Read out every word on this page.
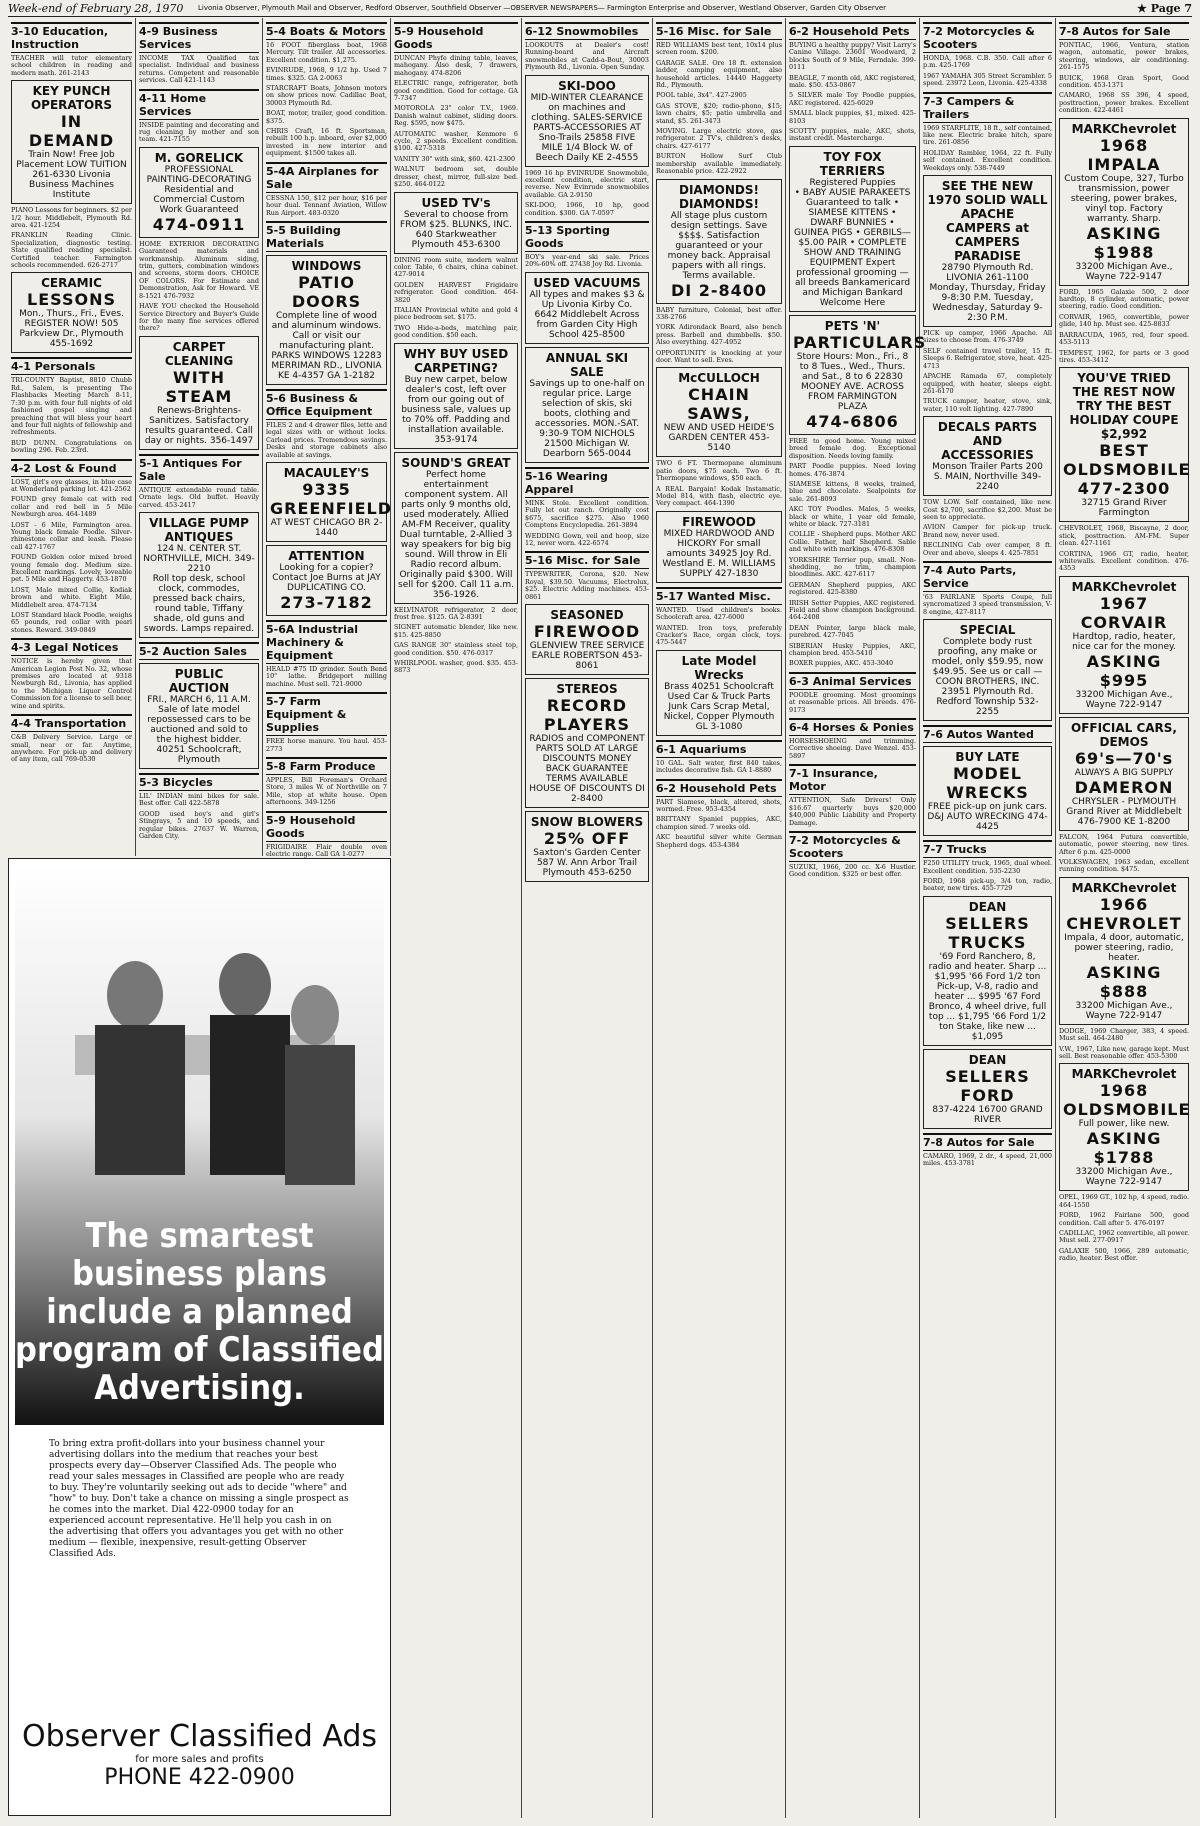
Week-end of February 28, 1970	Livonia Observer, Plymouth Mail and Observer, Redford Observer, Southfield Observer —OBSERVER NEWSPAPERS— Farmington Enterprise and Observer, Westland Observer, Garden City Observer	★ Page 7
3-10 Education, Instruction

TEACHER will tutor elementary school children in reading and modern math. 261-2143

KEY PUNCH OPERATORS
IN DEMAND
Train Now! Free Job Placement LOW TUITION 261-6330 Livonia Business Machines Institute

PIANO Lessons for beginners. $2 per 1/2 hour. Middlebelt, Plymouth Rd. area. 421-1254

FRANKLIN Reading Clinic. Specialization, diagnostic testing. State qualified reading specialist. Certified teacher. Farmington schools recommended. 626-2717

CERAMIC
LESSONS
Mon., Thurs., Fri., Eves. REGISTER NOW! 505 Parkview Dr., Plymouth 455-1692
4-1 Personals

TRI-COUNTY Baptist, 8810 Chubb Rd., Salem, is presenting The Flashbacks Meeting March 8-11, 7:30 p.m. with four full nights of old fashioned gospel singing and preaching that will bless your heart and four full nights of fellowship and refreshments.

BUD DUNN. Congratulations on bowling 296. Feb. 23rd.

4-2 Lost & Found

LOST, girl's eye glasses, in blue case at Wonderland parking lot. 421-2562

FOUND grey female cat with red collar and red bell in 5 Mile Newburgh area. 464-1489

LOST - 6 Mile, Farmington area. Young black female Poodle. Silver-rhinestone collar and leash. Please call 427-1767

FOUND Golden color mixed breed young female dog. Medium size. Excellent markings. Lovely, loveable pet. 5 Mile and Haggerty. 453-1870

LOST, Male mixed Collie, Kodiak brown and white. Eight Mile, Middlebelt area. 474-7134

LOST Standard black Poodle, weighs 65 pounds, red collar with pearl stones. Reward. 349-0849

4-3 Legal Notices

NOTICE is hereby given that American Legion Post No. 32, whose premises are located at 9318 Newburgh Rd., Livonia, has applied to the Michigan Liquor Control Commission for a license to sell beer, wine and spirits.

4-4 Transportation

C&B Delivery Service. Large or small, near or far. Anytime, anywhere. For pick-up and delivery of any item, call 769-0530

4-9 Business Services

INCOME TAX Qualified tax specialist. Individual and business returns. Competent and reasonable services. Call 421-1143

4-11 Home Services

INSIDE painting and decorating and rug cleaning by mother and son team. 421-7155

M. GORELICK
PROFESSIONAL PAINTING-DECORATING Residential and Commercial Custom Work Guaranteed
474-0911

HOME EXTERIOR DECORATING Guaranteed materials and workmanship. Aluminum siding, trim, gutters, combination windows and screens, storm doors. CHOICE OF COLORS. For Estimate and Demonstration, Ask for Howard. VE 8-1521 476-7932

HAVE YOU checked the Household Service Directory and Buyer's Guide for the many fine services offered there?

CARPET CLEANING
WITH STEAM
Renews-Brightens-Sanitizes. Satisfactory results guaranteed. Call day or nights. 356-1497
5-1 Antiques For Sale

ANTIQUE extendable round table. Ornate legs. Old buffet. Heavily carved. 453-2417

VILLAGE PUMP ANTIQUES
124 N. CENTER ST. NORTHVILLE, MICH. 349-2210
Roll top desk, school clock, commodes, pressed back chairs, round table, Tiffany shade, old guns and swords. Lamps repaired.
5-2 Auction Sales
PUBLIC AUCTION
FRI., MARCH 6, 11 A.M.
Sale of late model repossessed cars to be auctioned and sold to the highest bidder. 40251 Schoolcraft, Plymouth
5-3 Bicycles

LIL' INDIAN mini bikes for sale. Best offer. Call 422-5878

GOOD used boy's and girl's Stingrays, 5 and 10 speeds, and regular bikes. 27637 W. Warren, Garden City.

5-4 Boats & Motors

16 FOOT fiberglass boat, 1968 Mercury. Tilt trailer. All accessories. Excellent condition. $1,275.

EVINRUDE, 1968, 9 1/2 hp. Used 7 times. $325. GA 2-0063

STARCRAFT Boats, Johnson motors on show prices now. Cadillac Boat, 30003 Plymouth Rd.

BOAT, motor, trailer, good condition. $375.

CHRIS Craft, 16 ft. Sportsman, rebuilt 100 h.p. inboard, over $2,000 invested in new interior and equipment. $1500 takes all.

5-4A Airplanes for Sale

CESSNA 150, $12 per hour, $16 per hour dual. Tennant Aviation, Willow Run Airport. 483-0320

5-5 Building Materials
WINDOWS
PATIO DOORS
Complete line of wood and aluminum windows. Call or visit our manufacturing plant. PARKS WINDOWS 12283 MERRIMAN RD., LIVONIA KE 4-4357 GA 1-2182
5-6 Business & Office Equipment

FILES 2 and 4 drawer files, lette and legal sizes with or without locks. Carload prices. Tremendous savings. Desks and storage cabinets also available at savings.

MACAULEY'S
9335 GREENFIELD
AT WEST CHICAGO BR 2-1440
ATTENTION
Looking for a copier? Contact Joe Burns at JAY DUPLICATING CO.
273-7182
5-6A Industrial Machinery & Equipment

HEALD #75 ID grinder. South Bend 10" lathe. Bridgeport milling machine. Must sell. 721-9000

5-7 Farm Equipment & Supplies

FREE horse manure. You haul. 453-2773

5-8 Farm Produce

APPLES, Bill Foreman's Orchard Store, 3 miles W. of Northville on 7 Mile, stop at white house. Open afternoons. 349-1256

5-9 Household Goods

FRIGIDAIRE Flair double oven electric range. Call GA 1-0277

5-9 Household Goods

DUNCAN Phyfe dining table, leaves, mahogany. Also desk, 7 drawers, mahogany. 474-8206

ELECTRIC range, refrigerator, both good condition. Good for cottage. GA 7-7347

MOTOROLA 23" color T.V., 1969. Danish walnut cabinet, sliding doors. Reg. $595, now $475.

AUTOMATIC washer, Kenmore 6 cycle, 2 speeds. Excellent condition. $100. 427-5318

VANITY 30" with sink, $60. 421-2300

WALNUT bedroom set, double dresser, chest, mirror, full-size bed. $250. 464-0122

USED TV's
Several to choose from FROM $25. BLUNKS, INC. 640 Starkweather Plymouth 453-6300

DINING room suite, modern walnut color. Table, 6 chairs, china cabinet. 427-9014

GOLDEN HARVEST Frigidaire refrigerator. Good condition. 464-3820

ITALIAN Provincial white and gold 4 piece bedroom set. $175.

TWO Hide-a-beds, matching pair, good condition. $50 each.

WHY BUY USED CARPETING?
Buy new carpet, below dealer's cost, left over from our going out of business sale, values up to 70% off. Padding and installation available. 353-9174
SOUND'S GREAT
Perfect home entertainment component system. All parts only 9 months old, used moderately. Allied AM-FM Receiver, quality Dual turntable, 2-Allied 3 way speakers for big big sound. Will throw in Eli Radio record album. Originally paid $300. Will sell for $200. Call 11 a.m. 356-1926.

KELVINATOR refrigerator, 2 door, frost free. $125. GA 2-8391

SIGNET automatic blender, like new. $15. 425-8850

GAS RANGE 30" stainless steel top, good condition. $50. 476-0317

WHIRLPOOL washer, good. $35. 453-8873

6-12 Snowmobiles

LOOKOUTS at Dealer's cost! Running-board and Aircraft snowmobiles at Cadd-a-Bout, 30003 Plymouth Rd., Livonia. Open Sunday.

SKI-DOO
MID-WINTER CLEARANCE on machines and clothing. SALES-SERVICE PARTS-ACCESSORIES AT Sno-Trails 25858 FIVE MILE 1/4 Block W. of Beech Daily KE 2-4555

1969 16 hp EVINRUDE Snowmobile, excellent condition, electric start, reverse. New Evinrude snowmobiles available. GA 2-9150

SKI-DOO, 1966, 10 hp, good condition. $300. GA 7-0597

5-13 Sporting Goods

BOY's year-end ski sale. Prices 20%-60% off. 27438 Joy Rd. Livonia.

USED VACUUMS
All types and makes $3 & Up Livonia Kirby Co. 6642 Middlebelt Across from Garden City High School 425-8500
ANNUAL SKI SALE
Savings up to one-half on regular price. Large selection of skis, ski boots, clothing and accessories. MON.-SAT. 9:30-9 TOM NICHOLS 21500 Michigan W. Dearborn 565-0044
5-16 Wearing Apparel

MINK Stole. Excellent condition. Fully let out ranch. Originally cost $675, sacrifice $275. Also 1960 Comptons Encyclopedia. 261-3894

WEDDING Gown, veil and hoop, size 12, never worn. 422-6574

5-16 Misc. for Sale

TYPEWRITER, Corona, $20. New Royal, $39.50. Vacuums, Electrolux, $25. Electric Adding machines. 453-0861

SEASONED
FIREWOOD
GLENVIEW TREE SERVICE EARLE ROBERTSON 453-8061
STEREOS
RECORD PLAYERS
RADIOS and COMPONENT PARTS SOLD AT LARGE DISCOUNTS MONEY BACK GUARANTEE TERMS AVAILABLE HOUSE OF DISCOUNTS DI 2-8400
SNOW BLOWERS
25% OFF
Saxton's Garden Center 587 W. Ann Arbor Trail Plymouth 453-6250
5-16 Misc. for Sale

RED WILLIAMS best tent, 10x14 plus screen room. $200.

GARAGE SALE. Ore 18 ft. extension ladder, camping equipment, also household articles. 14440 Haggerty Rd., Plymouth.

POOL table, 3x4". 427-2905

GAS STOVE, $20; radio-phono, $15; lawn chairs, $5; patio umbrella and stand, $5. 261-3473

MOVING. Large electric stove, gas refrigerator. 2 TV's, children's desks, chairs. 427-6177

BURTON Hollow Surf Club membership available immediately. Reasonable price. 422-2922

DIAMONDS! DIAMONDS!
All stage plus custom design settings. Save $$$$. Satisfaction guaranteed or your money back. Appraisal papers with all rings. Terms available.
DI 2-8400

BABY furniture, Colonial, best offer. 338-2766

YORK Adirondack Board, also bench press. Barbell and dumbbells. $50. Also everything. 427-4952

OPPORTUNITY is knocking at your door. Want to sell. Eves.

McCULLOCH
CHAIN SAWS,
NEW AND USED HEIDE'S GARDEN CENTER 453-5140

TWO 6 FT. Thermopane aluminum patio doors, $75 each. Two 6 ft. Thermopane windows, $50 each.

A REAL Bargain! Kodak Instamatic, Model 814, with flash, electric eye. Very compact. 464-1390

FIREWOOD
MIXED HARDWOOD AND HICKORY For small amounts 34925 Joy Rd. Westland E. M. WILLIAMS SUPPLY 427-1830
5-17 Wanted Misc.

WANTED. Used children's books. Schoolcraft area. 427-6000

WANTED. Iron toys, preferably Cracker's Race, organ clock, toys. 475-5447

Late Model Wrecks
Brass 40251 Schoolcraft Used Car & Truck Parts Junk Cars Scrap Metal, Nickel, Copper Plymouth GL 3-1080
6-1 Aquariums

10 GAL. Salt water, first 840 takes, includes decorative fish. GA 1-8880

6-2 Household Pets

PART Siamese, black, altered, shots, wormed. Free. 953-4354

BRITTANY Spaniel puppies, AKC, champion sired. 7 weeks old.

AKC beautiful silver white German Shepherd dogs. 453-4384

6-2 Household Pets

BUYING a healthy puppy? Visit Larry's Canine Village. 23601 Woodward, 2 blocks South of 9 Mile, Ferndale. 399-0111

BEAGLE, 7 month old, AKC registered, male. $50. 453-0867

5 SILVER male Toy Poodle puppies, AKC registered. 425-6029

SMALL black puppies, $1, mixed. 425-8103

SCOTTY puppies, male, AKC, shots, instant credit. Mastercharge.

TOY FOX TERRIERS
Registered Puppies
• BABY AUSIE PARAKEETS Guaranteed to talk • SIAMESE KITTENS • DWARF BUNNIES • GUINEA PIGS • GERBILS—$5.00 PAIR • COMPLETE SHOW AND TRAINING EQUIPMENT Expert professional grooming — all breeds Bankamericard and Michigan Bankard Welcome Here
PETS 'N'
PARTICULARS
Store Hours: Mon., Fri., 8 to 8 Tues., Wed., Thurs. and Sat., 8 to 6 22830 MOONEY AVE. ACROSS FROM FARMINGTON PLAZA
474-6806

FREE to good home. Young mixed breed female dog. Exceptional disposition. Needs loving family.

PART Poodle puppies. Need loving homes. 476-3874

SIAMESE kittens, 8 weeks, trained, blue and chocolate. Sealpoints for sale. 261-8093

AKC TOY Poodles. Males, 5 weeks, black or white, 1 year old female, white or black. 727-3181

COLLIE - Shepherd pups. Mother AKC Collie. Father, half Shepherd. Sable and white with markings. 476-8308

YORKSHIRE Terrier pup, small. Non-shedding, no trim, champion bloodlines. AKC. 427-6117

GERMAN Shepherd puppies, AKC registered. 425-8380

IRISH Setter Puppies, AKC registered. Field and show champion background. 464-2408

DEAN Pointer, large black male, purebred. 427-7045

SIBERIAN Husky Puppies, AKC, champion bred. 453-5410

BOXER puppies, AKC. 453-3040

6-3 Animal Services

POODLE grooming. Most groomings at reasonable prices. All breeds. 476-9173

6-4 Horses & Ponies

HORSESHOEING and trimming. Corrective shoeing. Dave Wenzel. 453-5897

7-1 Insurance, Motor

ATTENTION, Safe Drivers! Only $16.67 quarterly buys $20,000 $40,000 Public Liability and Property Damage.

7-2 Motorcycles & Scooters

SUZUKI, 1966, 200 cc. X-6 Hustler. Good condition. $325 or best offer.

7-2 Motorcycles & Scooters

HONDA, 1968. C.B. 350. Call after 6 p.m. 425-1769

1967 YAMAHA 305 Street Scrambler. 5 speed. 23972 Leon, Livonia. 425-4338

7-3 Campers & Trailers

1969 STARFLITE, 18 ft., self contained, like new. Electric brake hitch, spare tire. 261-0856

HOLIDAY Rambler, 1964, 22 ft. Fully self contained. Excellent condition. Weekdays only. 538-7449

SEE THE NEW 1970 SOLID WALL APACHE CAMPERS at CAMPERS PARADISE
28790 Plymouth Rd. LIVONIA 261-1100 Monday, Thursday, Friday 9-8:30 P.M. Tuesday, Wednesday, Saturday 9-2:30 P.M.

PICK up camper, 1966 Apache. All sizes to choose from. 476-3749

SELF contained travel trailer, 15 ft. Sleeps 6. Refrigerator, stove, heat. 425-4713

APACHE Ramada 67, completely equipped, with heater, sleeps eight. 261-6170

TRUCK camper, heater, stove, sink, water, 110 volt lighting. 427-7890

DECALS PARTS AND ACCESSORIES
Monson Trailer Parts 200 S. MAIN, Northville 349-2240

TOW LOW. Self contained, like new. Cost $2,700, sacrifice $2,200. Must be seen to appreciate.

AVION Camper for pick-up truck. Brand new, never used.

RECLINING Cab over camper, 8 ft. Over and above, sleeps 4. 425-7851

7-4 Auto Parts, Service

'63 FAIRLANE Sports Coupe, full syncromatized 3 speed transmission, V-8 engine, 427-8117

SPECIAL
Complete body rust proofing, any make or model, only $59.95, now $49.95. See us or call —
COON BROTHERS, INC.
23951 Plymouth Rd. Redford Township 532-2255
7-6 Autos Wanted
BUY LATE
MODEL WRECKS
FREE pick-up on junk cars. D&J AUTO WRECKING 474-4425
7-7 Trucks

F250 UTILITY truck, 1965, dual wheel. Excellent condition. 535-2230

FORD, 1968 pick-up, 3/4 ton, radio, heater, new tires. 455-7729

DEAN
SELLERS
TRUCKS
'69 Ford Ranchero, 8, radio and heater. Sharp ... $1,995 '66 Ford 1/2 ton Pick-up, V-8, radio and heater ... $995 '67 Ford Bronco, 4 wheel drive, full top ... $1,795 '66 Ford 1/2 ton Stake, like new ... $1,095
DEAN
SELLERS
FORD
837-4224 16700 GRAND RIVER
7-8 Autos for Sale

CAMARO, 1969, 2 dr., 4 speed, 21,000 miles. 453-3781

7-8 Autos for Sale

PONTIAC, 1966, Ventura, station wagon, automatic, power brakes, steering, windows, air conditioning. 261-1575

BUICK, 1968 Gran Sport, Good condition. 453-1371

CAMARO, 1968 SS 396, 4 speed, posttraction, power brakes. Excellent condition. 422-4461

MARKChevrolet
1968 IMPALA
Custom Coupe, 327, Turbo transmission, power steering, power brakes, vinyl top. Factory warranty. Sharp.
ASKING $1988
33200 Michigan Ave., Wayne 722-9147

FORD, 1965 Galaxie 500, 2 door hardtop, 8 cylinder, automatic, power steering, radio. Good condition.

CORVAIR, 1965, convertible, power glide, 140 hp. Must see. 425-8833

BARRACUDA, 1965, red, four speed. 453-5113

TEMPEST, 1962, for parts or 3 good tires. 453-3412

YOU'VE TRIED THE REST NOW TRY THE BEST HOLIDAY COUPE $2,992
BEST
OLDSMOBILE
477-2300
32715 Grand River Farmington

CHEVROLET, 1968, Biscayne, 2 door, stick, posttraction. AM-FM. Super clean. 427-1161

CORTINA, 1966 GT, radio, heater, whitewalls. Excellent condition. 476-4353

MARKChevrolet
1967 CORVAIR
Hardtop, radio, heater, nice car for the money.
ASKING $995
33200 Michigan Ave., Wayne 722-9147
OFFICIAL CARS, DEMOS
69's—70's
ALWAYS A BIG SUPPLY
DAMERON
CHRYSLER - PLYMOUTH Grand River at Middlebelt 476-7900 KE 1-8200

FALCON, 1964 Futura convertible, automatic, power steering, new tires. After 6 p.m. 425-0000

VOLKSWAGEN, 1963 sedan, excellent running condition. $475.

MARKChevrolet
1966 CHEVROLET
Impala, 4 door, automatic, power steering, radio, heater.
ASKING $888
33200 Michigan Ave., Wayne 722-9147

DODGE, 1969 Charger, 383, 4 speed. Must sell. 464-2480

V.W., 1967, Like new, garage kept. Must sell. Best reasonable offer. 453-5300

MARKChevrolet
1968 OLDSMOBILE
Full power, like new.
ASKING $1788
33200 Michigan Ave., Wayne 722-9147

OPEL, 1969 GT., 102 hp, 4 speed, radio. 464-1550

FORD, 1962 Fairlane 500, good condition. Call after 5. 476-0197

CADILLAC, 1962 convertible, all power. Must sell. 277-0917

GALAXIE 500, 1966, 289 automatic, radio, heater. Best offer.

The smartest business plans include a planned program of Classified Advertising.
To bring extra profit-dollars into your business channel your advertising dollars into the medium that reaches your best prospects every day—Observer Classified Ads. The people who read your sales messages in Classified are people who are ready to buy. They're voluntarily seeking out ads to decide "where" and "how" to buy. Don't take a chance on missing a single prospect as he comes into the market. Dial 422-0900 today for an experienced account representative. He'll help you cash in on the advertising that offers you advantages you get with no other medium — flexible, inexpensive, result-getting Observer Classified Ads.
Observer Classified Ads
for more sales and profits
PHONE 422-0900
